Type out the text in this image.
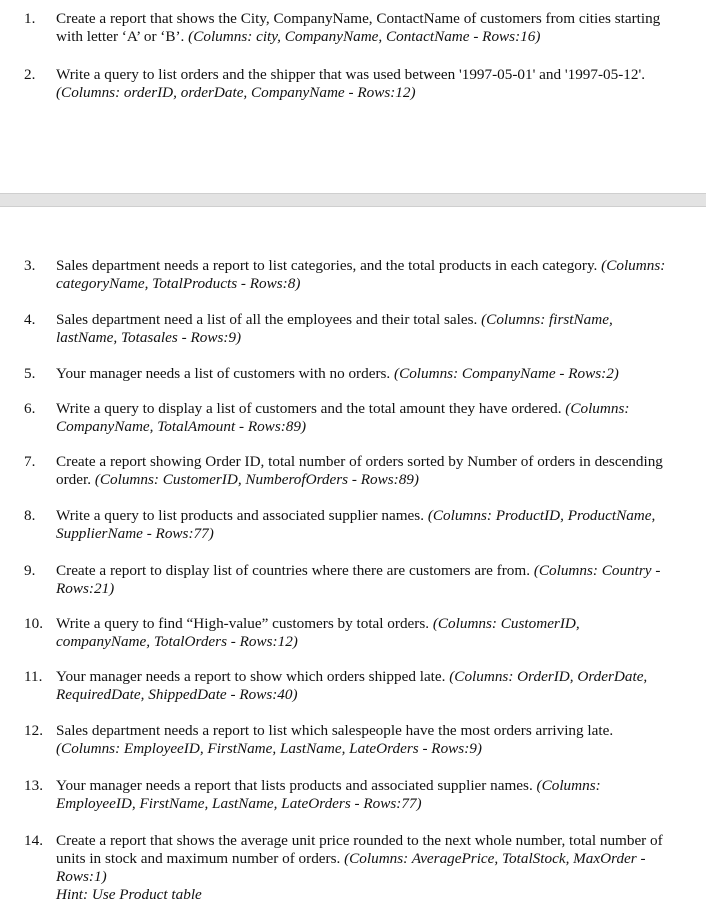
1.	Create a report that shows the City, CompanyName, ContactName of customers from cities starting
with letter ‘A’ or ‘B’. (Columns: city, CompanyName, ContactName - Rows:16)
2.	Write a query to list orders and the shipper that was used between '1997-05-01' and '1997-05-12'.
(Columns: orderID, orderDate, CompanyName - Rows:12)
3.	Sales department needs a report to list categories, and the total products in each category. (Columns:
categoryName, TotalProducts - Rows:8)
4.	Sales department need a list of all the employees and their total sales. (Columns: firstName,
lastName, Totasales - Rows:9)
5.	Your manager needs a list of customers with no orders. (Columns: CompanyName - Rows:2)
6.	Write a query to display a list of customers and the total amount they have ordered. (Columns:
CompanyName, TotalAmount - Rows:89)
7.	Create a report showing Order ID, total number of orders sorted by Number of orders in descending
order. (Columns: CustomerID, NumberofOrders - Rows:89)
8.	Write a query to list products and associated supplier names. (Columns: ProductID, ProductName,
SupplierName - Rows:77)
9.	Create a report to display list of countries where there are customers are from. (Columns: Country -
Rows:21)
10. Write a query to find “High-value” customers by total orders. (Columns: CustomerID,
companyName, TotalOrders - Rows:12)
11. Your manager needs a report to show which orders shipped late. (Columns: OrderID, OrderDate,
RequiredDate, ShippedDate - Rows:40)
12. Sales department needs a report to list which salespeople have the most orders arriving late.
(Columns: EmployeeID, FirstName, LastName, LateOrders - Rows:9)
13. Your manager needs a report that lists products and associated supplier names. (Columns:
EmployeeID, FirstName, LastName, LateOrders - Rows:77)
14. Create a report that shows the average unit price rounded to the next whole number, total number of
units in stock and maximum number of orders. (Columns: AveragePrice, TotalStock, MaxOrder -
Rows:1)
Hint: Use Product table
